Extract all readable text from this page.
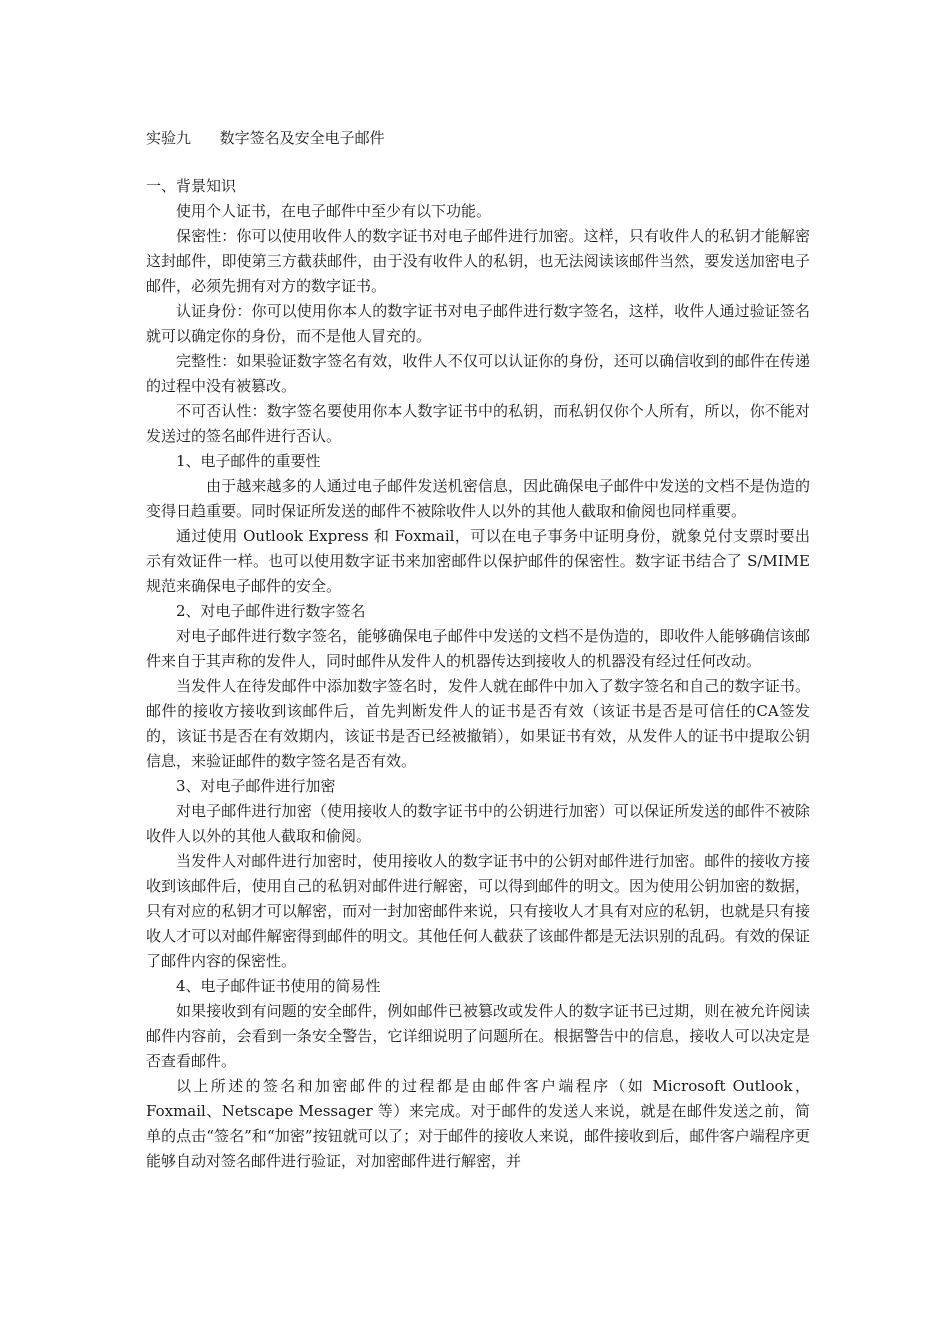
实验九      数字签名及安全电子邮件

一、背景知识

使用个人证书，在电子邮件中至少有以下功能。

保密性：你可以使用收件人的数字证书对电子邮件进行加密。这样，只有收件人的私钥才能解密这封邮件，即使第三方截获邮件，由于没有收件人的私钥，也无法阅读该邮件当然，要发送加密电子邮件，必须先拥有对方的数字证书。

认证身份：你可以使用你本人的数字证书对电子邮件进行数字签名，这样，收件人通过验证签名就可以确定你的身份，而不是他人冒充的。

完整性：如果验证数字签名有效，收件人不仅可以认证你的身份，还可以确信收到的邮件在传递的过程中没有被篡改。

不可否认性：数字签名要使用你本人数字证书中的私钥，而私钥仅你个人所有，所以，你不能对发送过的签名邮件进行否认。

1、电子邮件的重要性

由于越来越多的人通过电子邮件发送机密信息，因此确保电子邮件中发送的文档不是伪造的变得日趋重要。同时保证所发送的邮件不被除收件人以外的其他人截取和偷阅也同样重要。

通过使用 Outlook Express 和 Foxmail，可以在电子事务中证明身份，就象兑付支票时要出示有效证件一样。也可以使用数字证书来加密邮件以保护邮件的保密性。数字证书结合了 S/MIME 规范来确保电子邮件的安全。

2、对电子邮件进行数字签名

对电子邮件进行数字签名，能够确保电子邮件中发送的文档不是伪造的，即收件人能够确信该邮件来自于其声称的发件人，同时邮件从发件人的机器传达到接收人的机器没有经过任何改动。

当发件人在待发邮件中添加数字签名时，发件人就在邮件中加入了数字签名和自己的数字证书。邮件的接收方接收到该邮件后，首先判断发件人的证书是否有效（该证书是否是可信任的CA签发的，该证书是否在有效期内，该证书是否已经被撤销），如果证书有效，从发件人的证书中提取公钥信息，来验证邮件的数字签名是否有效。

3、对电子邮件进行加密

对电子邮件进行加密（使用接收人的数字证书中的公钥进行加密）可以保证所发送的邮件不被除收件人以外的其他人截取和偷阅。

当发件人对邮件进行加密时，使用接收人的数字证书中的公钥对邮件进行加密。邮件的接收方接收到该邮件后，使用自己的私钥对邮件进行解密，可以得到邮件的明文。因为使用公钥加密的数据，只有对应的私钥才可以解密，而对一封加密邮件来说，只有接收人才具有对应的私钥，也就是只有接收人才可以对邮件解密得到邮件的明文。其他任何人截获了该邮件都是无法识别的乱码。有效的保证了邮件内容的保密性。

4、电子邮件证书使用的简易性

如果接收到有问题的安全邮件，例如邮件已被篡改或发件人的数字证书已过期，则在被允许阅读邮件内容前，会看到一条安全警告，它详细说明了问题所在。根据警告中的信息，接收人可以决定是否查看邮件。

以上所述的签名和加密邮件的过程都是由邮件客户端程序（如 Microsoft Outlook，Foxmail、Netscape Messager 等）来完成。对于邮件的发送人来说，就是在邮件发送之前，简单的点击“签名”和“加密”按钮就可以了；对于邮件的接收人来说，邮件接收到后，邮件客户端程序更能够自动对签名邮件进行验证，对加密邮件进行解密，并
